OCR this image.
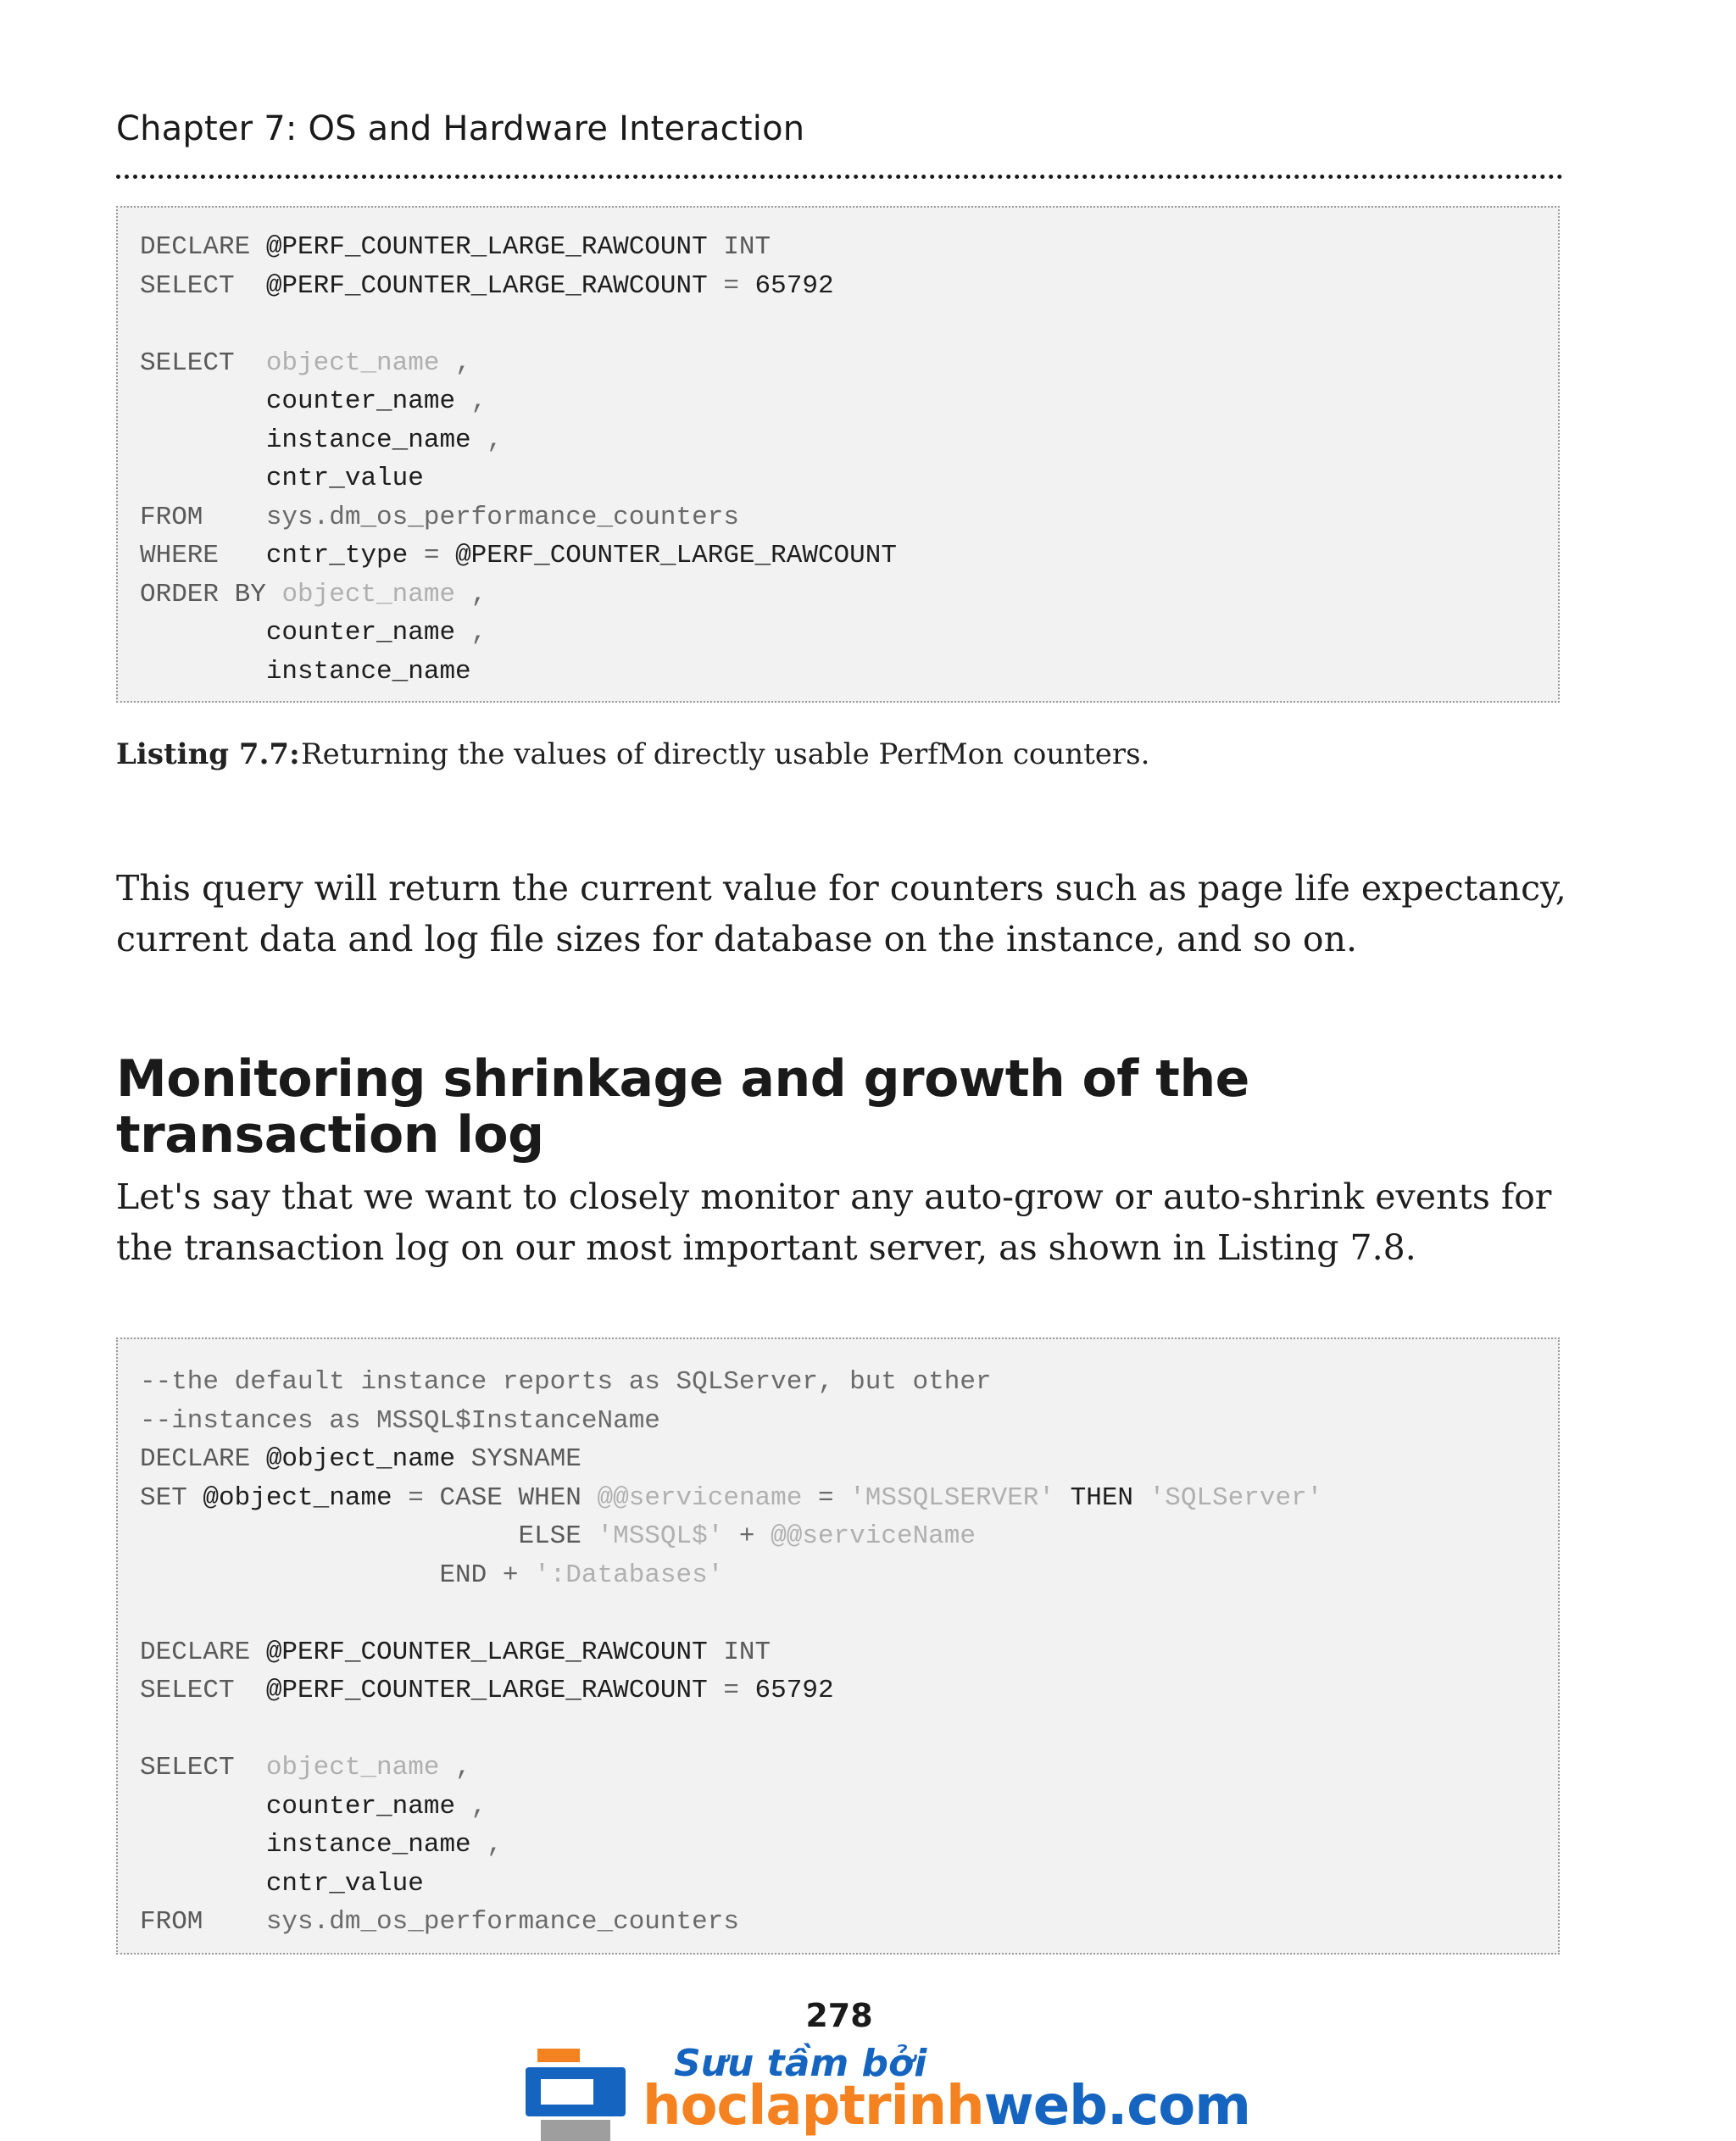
Chapter 7: OS and Hardware Interaction
DECLARE @PERF_COUNTER_LARGE_RAWCOUNT INT
SELECT  @PERF_COUNTER_LARGE_RAWCOUNT = 65792

SELECT  object_name ,
counter_name ,
instance_name ,
cntr_value
FROM    sys.dm_os_performance_counters
WHERE   cntr_type = @PERF_COUNTER_LARGE_RAWCOUNT
ORDER BY object_name ,
counter_name ,
instance_name
Listing 7.7:Returning the values of directly usable PerfMon counters.

This query will return the current value for counters such as page life expectancy, current data and log file sizes for database on the instance, and so on.

Monitoring shrinkage and growth of the transaction log

Let's say that we want to closely monitor any auto-grow or auto-shrink events for the transaction log on our most important server, as shown in Listing 7.8.

--the default instance reports as SQLServer, but other
--instances as MSSQL$InstanceName
DECLARE @object_name SYSNAME
SET @object_name = CASE WHEN @@servicename = 'MSSQLSERVER' THEN 'SQLServer'
ELSE 'MSSQL$' + @@serviceName
END + ':Databases'

DECLARE @PERF_COUNTER_LARGE_RAWCOUNT INT
SELECT  @PERF_COUNTER_LARGE_RAWCOUNT = 65792

SELECT  object_name ,
counter_name ,
instance_name ,
cntr_value
FROM    sys.dm_os_performance_counters
278
Sưu tầm bởi
hoclaptrinhweb.com
